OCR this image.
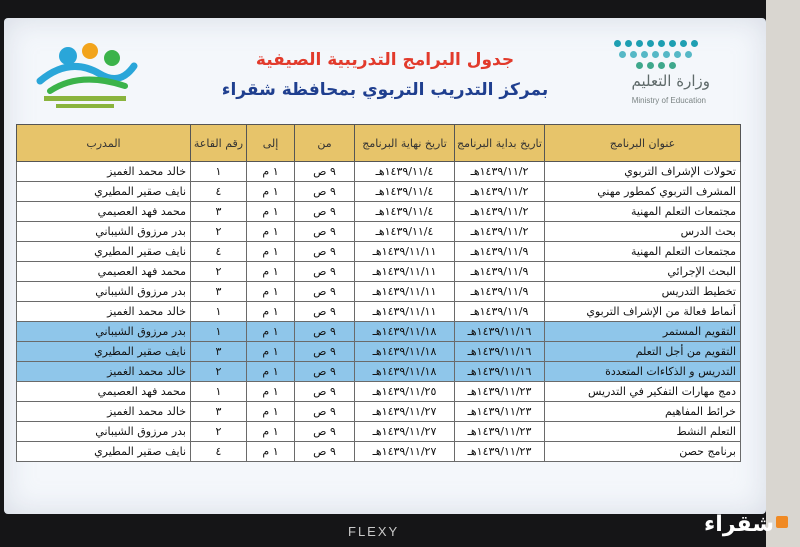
وزارة التعليم
Ministry of Education
جدول البرامج التدريبية الصيفية
بمركز التدريب التربوي بمحافظة شقراء
عنوان البرنامج	تاريخ بداية البرنامج	تاريخ نهاية البرنامج	من	إلى	رقم القاعة	المدرب
تحولات الإشراف التربوي	١٤٣٩/١١/٢هـ	١٤٣٩/١١/٤هـ	٩ ص	١ م	١	خالد محمد الغميز
المشرف التربوي كمطور مهني	١٤٣٩/١١/٢هـ	١٤٣٩/١١/٤هـ	٩ ص	١ م	٤	نايف صقير المطيري
مجتمعات التعلم المهنية	١٤٣٩/١١/٢هـ	١٤٣٩/١١/٤هـ	٩ ص	١ م	٣	محمد فهد العصيمي
بحث الدرس	١٤٣٩/١١/٢هـ	١٤٣٩/١١/٤هـ	٩ ص	١ م	٢	بدر مرزوق الشيباني
مجتمعات التعلم المهنية	١٤٣٩/١١/٩هـ	١٤٣٩/١١/١١هـ	٩ ص	١ م	٤	نايف صقير المطيري
البحث الإجرائي	١٤٣٩/١١/٩هـ	١٤٣٩/١١/١١هـ	٩ ص	١ م	٢	محمد فهد العصيمي
تخطيط التدريس	١٤٣٩/١١/٩هـ	١٤٣٩/١١/١١هـ	٩ ص	١ م	٣	بدر مرزوق الشيباني
أنماط فعالة من الإشراف التربوي	١٤٣٩/١١/٩هـ	١٤٣٩/١١/١١هـ	٩ ص	١ م	١	خالد محمد الغميز
التقويم المستمر	١٤٣٩/١١/١٦هـ	١٤٣٩/١١/١٨هـ	٩ ص	١ م	١	بدر مرزوق الشيباني
التقويم من أجل التعلم	١٤٣٩/١١/١٦هـ	١٤٣٩/١١/١٨هـ	٩ ص	١ م	٣	نايف صقير المطيري
التدريس و الذكاءات المتعددة	١٤٣٩/١١/١٦هـ	١٤٣٩/١١/١٨هـ	٩ ص	١ م	٢	خالد محمد الغميز
دمج مهارات التفكير في التدريس	١٤٣٩/١١/٢٣هـ	١٤٣٩/١١/٢٥هـ	٩ ص	١ م	١	محمد فهد العصيمي
خرائط المفاهيم	١٤٣٩/١١/٢٣هـ	١٤٣٩/١١/٢٧هـ	٩ ص	١ م	٣	خالد محمد الغميز
التعلم النشط	١٤٣٩/١١/٢٣هـ	١٤٣٩/١١/٢٧هـ	٩ ص	١ م	٢	بدر مرزوق الشيباني
برنامج حصن	١٤٣٩/١١/٢٣هـ	١٤٣٩/١١/٢٧هـ	٩ ص	١ م	٤	نايف صقير المطيري
FLEXY	شقراء
